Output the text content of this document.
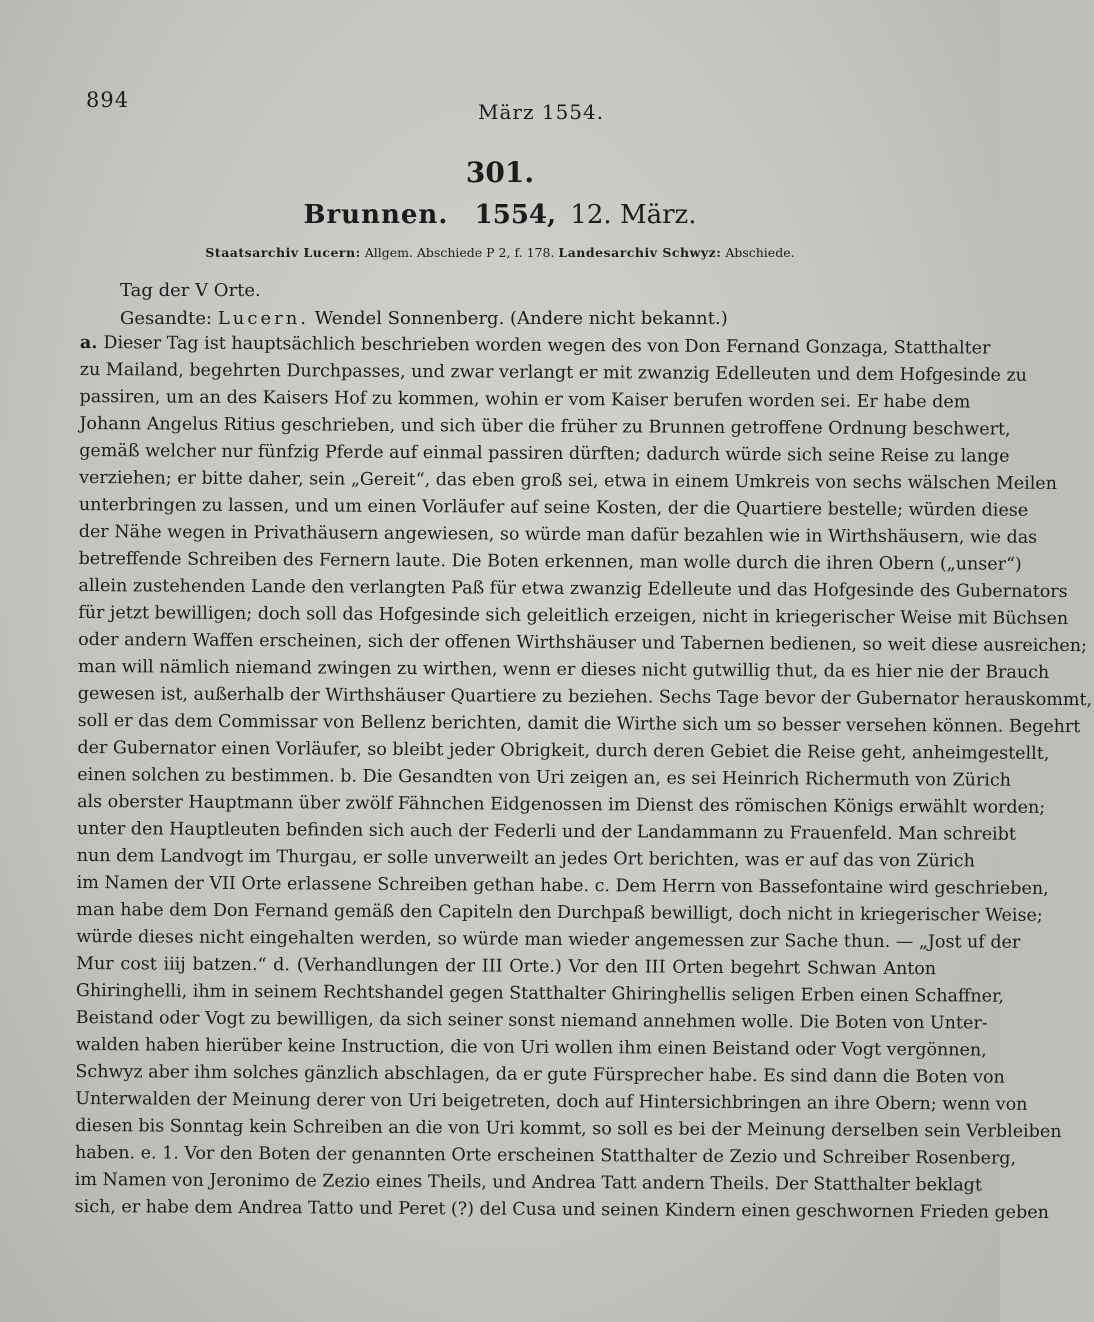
894	März 1554.
301.
Brunnen. 1554, 12. März.
Staatsarchiv Lucern: Allgem. Abschiede P 2, f. 178. Landesarchiv Schwyz: Abschiede.
Tag der V Orte.
Gesandte: Lucern. Wendel Sonnenberg. (Andere nicht bekannt.)
a. Dieser Tag ist hauptsächlich beschrieben worden wegen des von Don Fernand Gonzaga, Statthalter
zu Mailand, begehrten Durchpasses, und zwar verlangt er mit zwanzig Edelleuten und dem Hofgesinde zu
passiren, um an des Kaisers Hof zu kommen, wohin er vom Kaiser berufen worden sei. Er habe dem
Johann Angelus Ritius geschrieben, und sich über die früher zu Brunnen getroffene Ordnung beschwert,
gemäß welcher nur fünfzig Pferde auf einmal passiren dürften; dadurch würde sich seine Reise zu lange
verziehen; er bitte daher, sein „Gereit“, das eben groß sei, etwa in einem Umkreis von sechs wälschen Meilen
unterbringen zu lassen, und um einen Vorläufer auf seine Kosten, der die Quartiere bestelle; würden diese
der Nähe wegen in Privathäusern angewiesen, so würde man dafür bezahlen wie in Wirthshäusern, wie das
betreffende Schreiben des Fernern laute. Die Boten erkennen, man wolle durch die ihren Obern („unser“)
allein zustehenden Lande den verlangten Paß für etwa zwanzig Edelleute und das Hofgesinde des Gubernators
für jetzt bewilligen; doch soll das Hofgesinde sich geleitlich erzeigen, nicht in kriegerischer Weise mit Büchsen
oder andern Waffen erscheinen, sich der offenen Wirthshäuser und Tabernen bedienen, so weit diese ausreichen;
man will nämlich niemand zwingen zu wirthen, wenn er dieses nicht gutwillig thut, da es hier nie der Brauch
gewesen ist, außerhalb der Wirthshäuser Quartiere zu beziehen. Sechs Tage bevor der Gubernator herauskommt,
soll er das dem Commissar von Bellenz berichten, damit die Wirthe sich um so besser versehen können. Begehrt
der Gubernator einen Vorläufer, so bleibt jeder Obrigkeit, durch deren Gebiet die Reise geht, anheimgestellt,
einen solchen zu bestimmen. b. Die Gesandten von Uri zeigen an, es sei Heinrich Richermuth von Zürich
als oberster Hauptmann über zwölf Fähnchen Eidgenossen im Dienst des römischen Königs erwählt worden;
unter den Hauptleuten befinden sich auch der Federli und der Landammann zu Frauenfeld. Man schreibt
nun dem Landvogt im Thurgau, er solle unverweilt an jedes Ort berichten, was er auf das von Zürich
im Namen der VII Orte erlassene Schreiben gethan habe. c. Dem Herrn von Bassefontaine wird geschrieben,
man habe dem Don Fernand gemäß den Capiteln den Durchpaß bewilligt, doch nicht in kriegerischer Weise;
würde dieses nicht eingehalten werden, so würde man wieder angemessen zur Sache thun. — „Jost uf der
Mur cost iiij batzen.“ d. (Verhandlungen der III Orte.) Vor den III Orten begehrt Schwan Anton
Ghiringhelli, ihm in seinem Rechtshandel gegen Statthalter Ghiringhellis seligen Erben einen Schaffner,
Beistand oder Vogt zu bewilligen, da sich seiner sonst niemand annehmen wolle. Die Boten von Unter-
walden haben hierüber keine Instruction, die von Uri wollen ihm einen Beistand oder Vogt vergönnen,
Schwyz aber ihm solches gänzlich abschlagen, da er gute Fürsprecher habe. Es sind dann die Boten von
Unterwalden der Meinung derer von Uri beigetreten, doch auf Hintersichbringen an ihre Obern; wenn von
diesen bis Sonntag kein Schreiben an die von Uri kommt, so soll es bei der Meinung derselben sein Verbleiben
haben. e. 1. Vor den Boten der genannten Orte erscheinen Statthalter de Zezio und Schreiber Rosenberg,
im Namen von Jeronimo de Zezio eines Theils, und Andrea Tatt andern Theils. Der Statthalter beklagt
sich, er habe dem Andrea Tatto und Peret (?) del Cusa und seinen Kindern einen geschwornen Frieden geben
